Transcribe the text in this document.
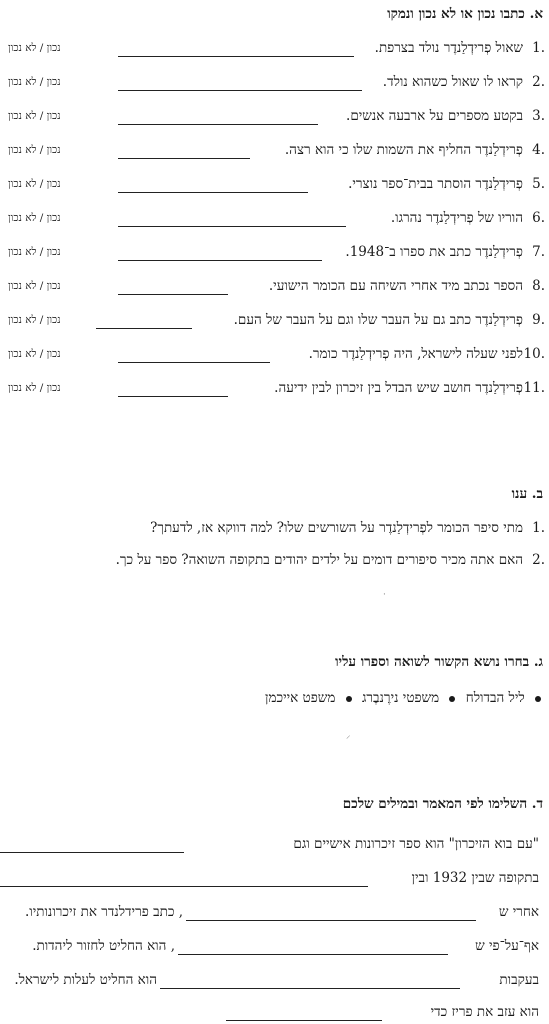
א. כתבו נכון או לא נכון ונמקו
1.
שאול פְרידְלַנדֶר נולד בצרפת.
נכון / לא נכון
2.
קראו לו שאול כשהוא נולד.
נכון / לא נכון
3.
בקטע מספרים על ארבעה אנשים.
נכון / לא נכון
4.
פְרידְלַנדֶר החליף את השמות שלו כי הוא רצה.
נכון / לא נכון
5.
פְרידְלַנדֶר הוסתר בבית־ספר נוצרי.
נכון / לא נכון
6.
הוריו של פְרידְלַנדֶר נהרגו.
נכון / לא נכון
7.
פְרידְלַנדֶר כתב את ספרו ב־1948.
נכון / לא נכון
8.
הספר נכתב מיד אחרי השיחה עם הכומר הישועי.
נכון / לא נכון
9.
פְרידְלַנדֶר כתב גם על העבר שלו וגם על העבר של העם.
נכון / לא נכון
10.
לפני שעלה לישראל, היה פְרידְלַנדֶר כומר.
נכון / לא נכון
11.
פְרידְלַנדֶר חושב שיש הבדל בין זיכרון לבין ידיעה.
נכון / לא נכון
ב. ענו
1.
מתי סיפר הכומר לפְרידְלַנדֶר על השורשים שלו? למה דווקא אז, לדעתך?
2.
האם אתה מכיר סיפורים דומים על ילדים יהודים בתקופה השואה? ספר על כך.
·
ג. בחרו נושא הקשור לשואה וספרו עליו
ליל הבדולח  משפטי נירֶנבֶרג  משפט אייכמן
⸝
ד. השלימו לפי המאמר ובמילים שלכם
"עם בוא הזיכרון" הוא ספר זיכרונות אישיים וגם
בתקופה שבין 1932 ובין
אחרי ש
, כתב פרידלנדר את זיכרונותיו.
אף־על־פי ש
, הוא החליט לחזור ליהדות.
בעקבות
הוא החליט לעלות לישראל.
הוא עזב את פריז כדי
